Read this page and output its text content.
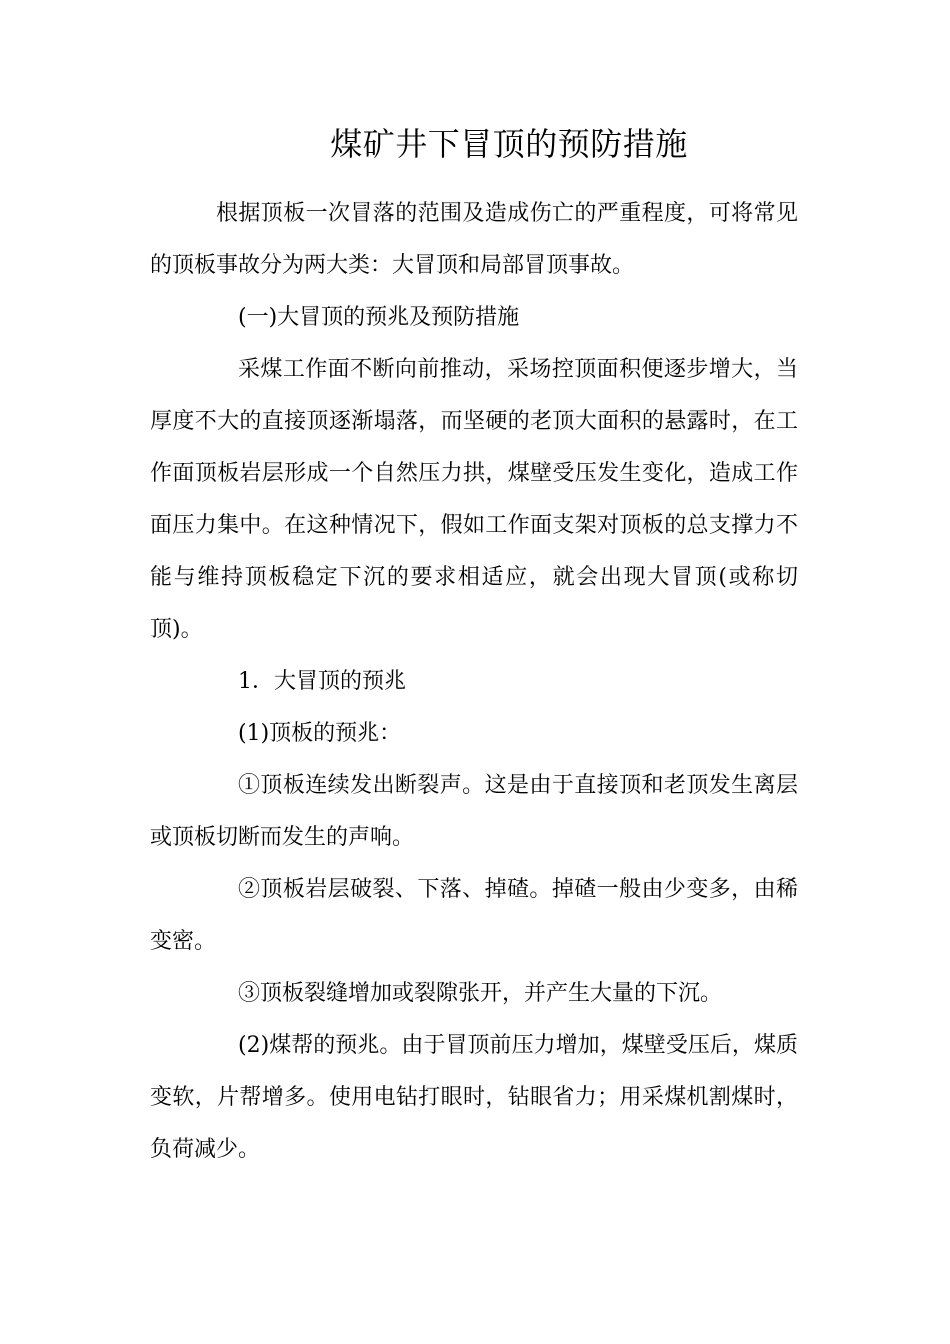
煤矿井下冒顶的预防措施

根据顶板一次冒落的范围及造成伤亡的严重程度，可将常见的顶板事故分为两大类：大冒顶和局部冒顶事故。

(一)大冒顶的预兆及预防措施

采煤工作面不断向前推动，采场控顶面积便逐步增大，当厚度不大的直接顶逐渐塌落，而坚硬的老顶大面积的悬露时，在工作面顶板岩层形成一个自然压力拱，煤壁受压发生变化，造成工作面压力集中。在这种情况下，假如工作面支架对顶板的总支撑力不能与维持顶板稳定下沉的要求相适应，就会出现大冒顶(或称切顶)。

1．大冒顶的预兆

(1)顶板的预兆：

①顶板连续发出断裂声。这是由于直接顶和老顶发生离层或顶板切断而发生的声响。

②顶板岩层破裂、下落、掉碴。掉碴一般由少变多，由稀变密。

③顶板裂缝增加或裂隙张开，并产生大量的下沉。

(2)煤帮的预兆。由于冒顶前压力增加，煤壁受压后，煤质变软，片帮增多。使用电钻打眼时，钻眼省力；用采煤机割煤时，负荷减少。
